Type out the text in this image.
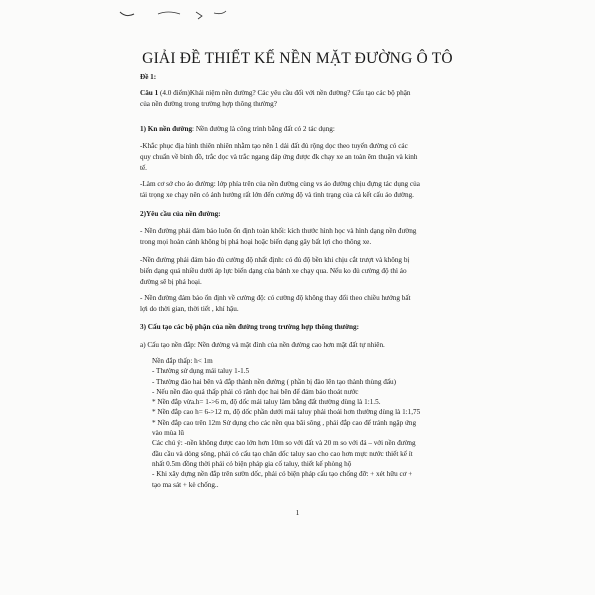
GIẢI ĐỀ THIẾT KẾ NỀN MẶT ĐƯỜNG Ô TÔ
Đề 1:
Câu 1 (4.0 điểm)Khái niệm nền đường? Các yêu cầu đối với nền đường? Cấu tạo các bộ phận
của nền đường trong trường hợp thông thường?
1) Kn nền đường: Nền đường là công trình bằng đất có 2 tác dụng:
-Khắc phục địa hình thiên nhiên nhằm tạo nên 1 dải đất đủ rộng dọc theo tuyến đường có các
quy chuẩn về bình đồ, trắc dọc và trắc ngang đáp ứng được đk chạy xe an toàn êm thuận và kinh
tế.
-Làm cơ sở cho áo đường: lớp phía trên của nền đường cùng vs áo đường chịu đựng tác dụng của
tải trọng xe chạy nên có ảnh hưởng rất lớn đến cường độ và tình trạng của cả kết cấu áo đường.
2)Yêu cầu của nền đường:
- Nền đường phải đảm bảo luôn ổn định toàn khối: kích thước hình học và hình dạng nền đường
trong mọi hoàn cảnh không bị phá hoại hoặc biến dạng gây bất lợi cho thông xe.
-Nền đường phải đảm bảo đủ cường độ nhất định: có đủ độ bền khi chịu cắt trượt và không bị
biến dạng quá nhiều dưới áp lực biến dạng của bánh xe chạy qua. Nếu ko đủ cường độ thì áo
đường sẽ bị phá hoại.
- Nền đường đảm bảo ổn định về cường độ: có cường độ không thay đổi theo chiều hướng bất
lợi do thời gian, thời tiết , khí hậu.
3) Cấu tạo các bộ phận của nền đường trong trường hợp thông thường:
a) Cấu tạo nền đắp: Nền đường và mặt đỉnh của nền đường cao hơn mặt đất tự nhiên.
Nền đắp thấp: h< 1m
- Thường sử dụng mái taluy 1-1.5
- Thường đào hai bên và đắp thành nền đường ( phần bị đào lên tạo thành thùng đấu)
- Nếu nền đào quá thấp phải có rãnh dọc hai bên để đảm bảo thoát nước
* Nền đắp vừa.h= 1->6 m, độ dốc mái taluy làm bằng đất thường dùng là 1:1.5.
* Nền đắp cao h= 6->12 m, độ dốc phần dưới mái taluy phải thoải hơn thường dùng là 1:1,75
* Nền đắp cao trên 12m Sử dụng cho các nền qua bãi sông , phải đắp cao để tránh ngập ứng
vào mùa lũ
Các chú ý: -nền không được cao lớn hơn 10m so với đất và 20 m so với đá – với nền đường
đầu cầu và dòng sông, phải có cấu tạo chân dốc taluy sao cho cao hơn mực nước thiết kế ít
nhất 0.5m đồng thời phải có biện pháp gia cố taluy, thiết kế phòng hộ
- Khi xây dựng nền đắp trên sườn dốc, phải có biện pháp cấu tạo chống đỡ: + xét hữu cơ +
tạo ma sát + kè chống..
1
